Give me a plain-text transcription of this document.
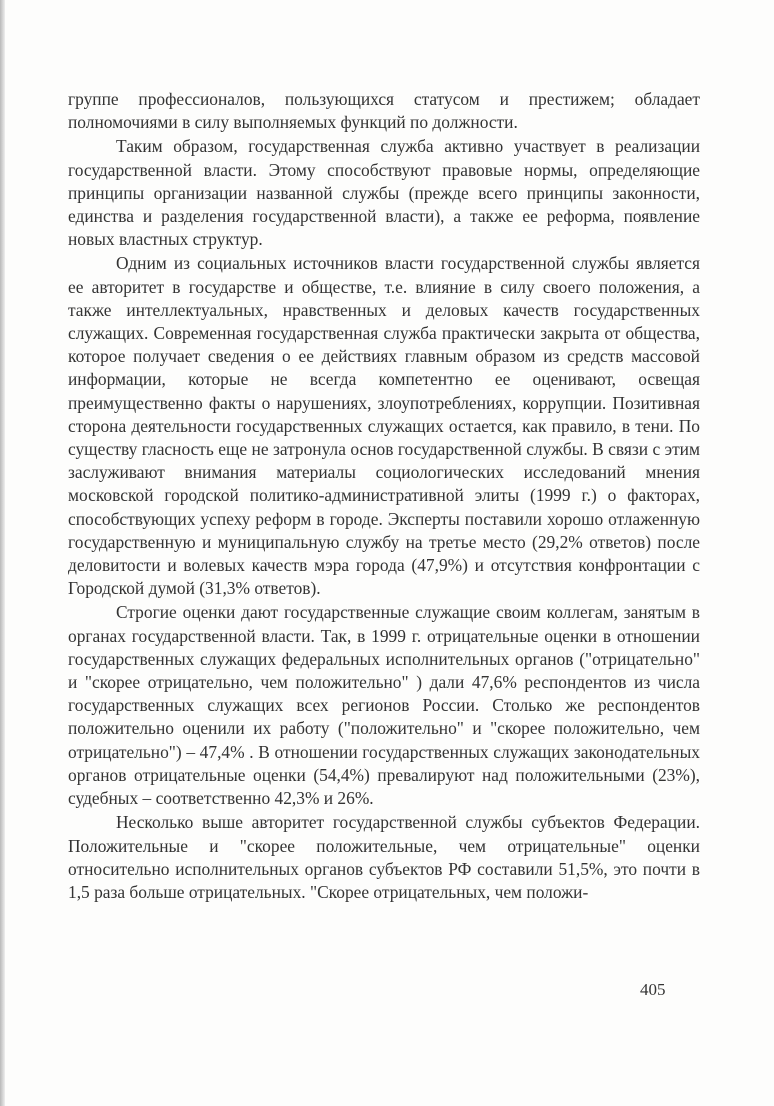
группе профессионалов, пользующихся статусом и престижем; обладает полномочиями в силу выполняемых функций по должности.

Таким образом, государственная служба активно участвует в реализации государственной власти. Этому способствуют правовые нормы, определяющие принципы организации названной службы (прежде всего принципы законности, единства и разделения государственной власти), а также ее реформа, появление новых властных структур.

Одним из социальных источников власти государственной службы является ее авторитет в государстве и обществе, т.е. влияние в силу своего положения, а также интеллектуальных, нравственных и деловых качеств государственных служащих. Современная государственная служба практически закрыта от общества, которое получает сведения о ее действиях главным образом из средств массовой информации, которые не всегда компетентно ее оценивают, освещая преимущественно факты о нарушениях, злоупотреблениях, коррупции. Позитивная сторона деятельности государственных служащих остается, как правило, в тени. По существу гласность еще не затронула основ государственной службы. В связи с этим заслуживают внимания материалы социологических исследований мнения московской городской политико-административной элиты (1999 г.) о факторах, способствующих успеху реформ в городе. Эксперты поставили хорошо отлаженную государственную и муниципальную службу на третье место (29,2% ответов) после деловитости и волевых качеств мэра города (47,9%) и отсутствия конфронтации с Городской думой (31,3% ответов).

Строгие оценки дают государственные служащие своим коллегам, занятым в органах государственной власти. Так, в 1999 г. отрицательные оценки в отношении государственных служащих федеральных исполнительных органов ("отрицательно" и "скорее отрицательно, чем положительно" ) дали 47,6% респондентов из числа государственных служащих всех регионов России. Столько же респондентов положительно оценили их работу ("положительно" и "скорее положительно, чем отрицательно") – 47,4% . В отношении государственных служащих законодательных органов отрицательные оценки (54,4%) превалируют над положительными (23%), судебных – соответственно 42,3% и 26%.

Несколько выше авторитет государственной службы субъектов Федерации. Положительные и "скорее положительные, чем отрицательные" оценки относительно исполнительных органов субъектов РФ составили 51,5%, это почти в 1,5 раза больше отрицательных. "Скорее отрицательных, чем положи-

405
